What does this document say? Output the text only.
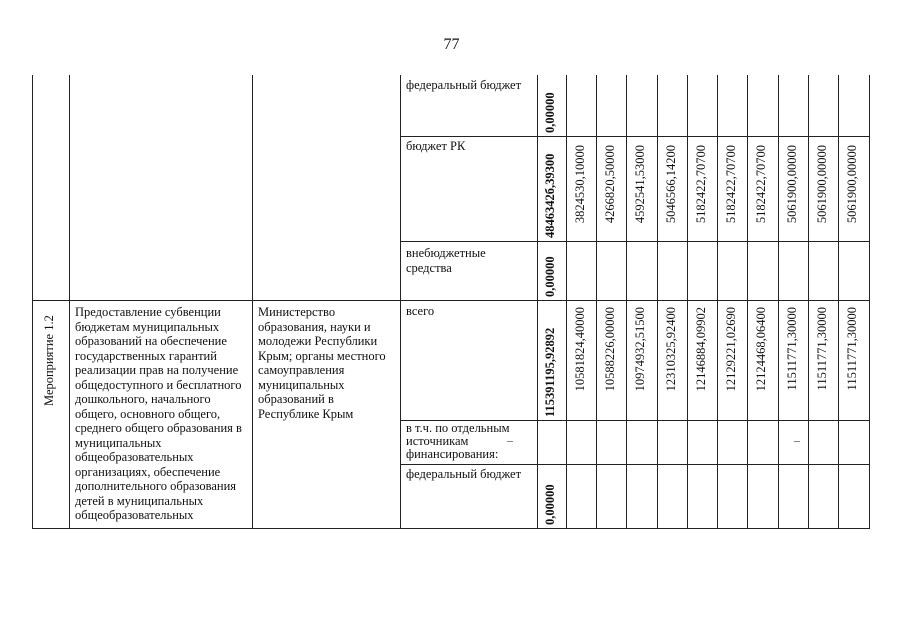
77
Мероприятие 1.2
Предоставление субвенции бюджетам муниципальных образований на обеспечение государственных гарантий реализации прав на получение общедоступного и бесплатного дошкольного, начального общего, основного общего, среднего общего образования в муниципальных общеобразовательных организациях, обеспечение дополнительного образования детей в муниципальных общеобразовательных
Министерство образования, науки и молодежи Республики Крым; органы местного самоуправления муниципальных образований в Республике Крым
федеральный бюджет
бюджет РК
внебюджетные средства
всего
в т.ч. по отдельным источникам финансирования:
федеральный бюджет
0,00000
4846342б,39300
0,00000
115391195,92892
0,00000
3824530,10000 4266820,50000 4592541,53000 5046566,14200 5182422,70700 5182422,70700 5182422,70700 5061900,00000 5061900,00000 5061900,00000
10581824,40000 10588226,00000 10974932,51500 12310325,92400 12146884,09902 12129221,02690 12124468,06400 11511771,30000 11511771,30000 11511771,30000
